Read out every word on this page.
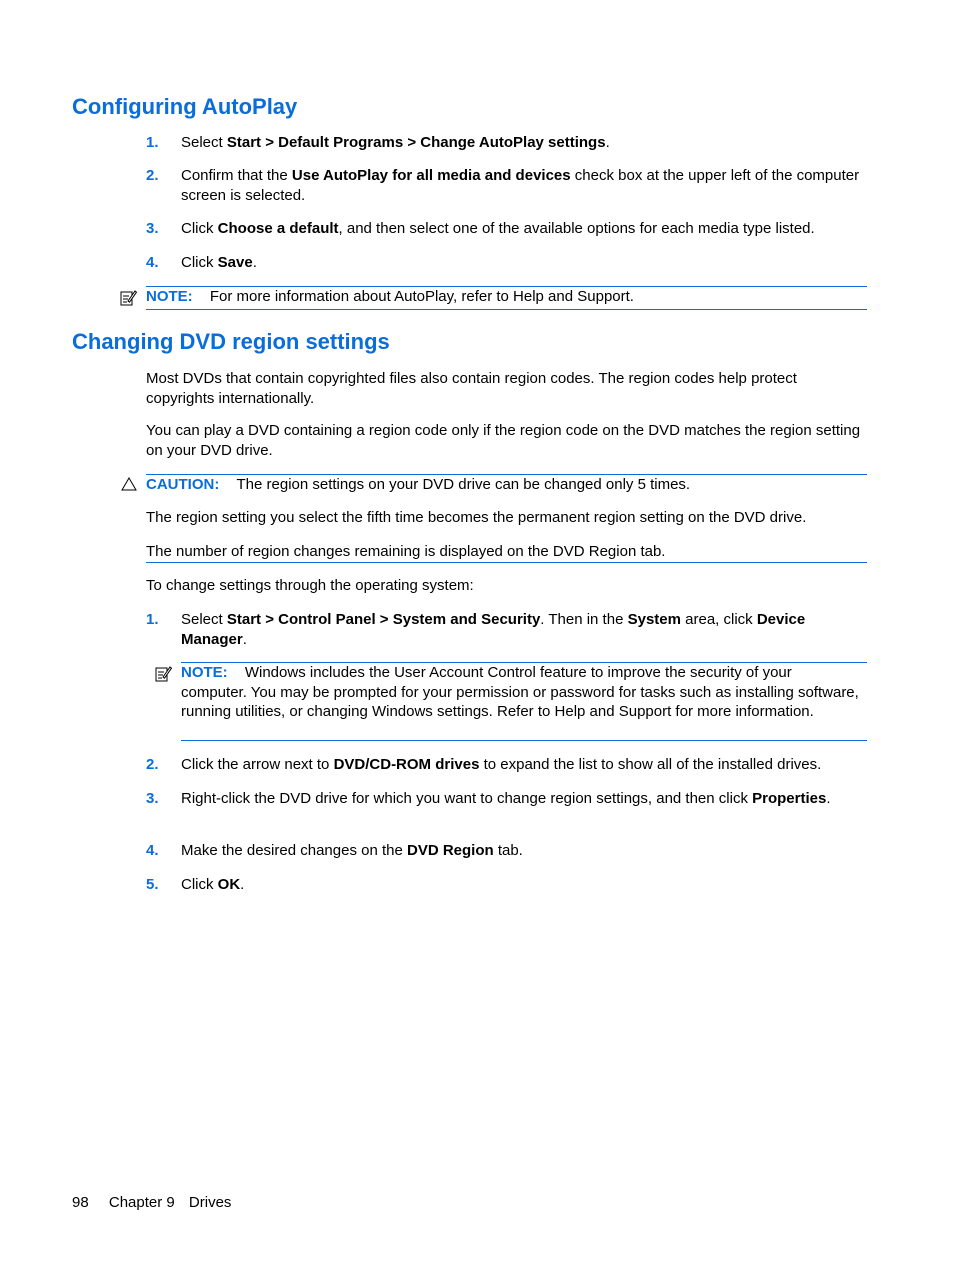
Configuring AutoPlay
1. Select Start > Default Programs > Change AutoPlay settings.
2. Confirm that the Use AutoPlay for all media and devices check box at the upper left of the computer screen is selected.
3. Click Choose a default, and then select one of the available options for each media type listed.
4. Click Save.
NOTE: For more information about AutoPlay, refer to Help and Support.
Changing DVD region settings
Most DVDs that contain copyrighted files also contain region codes. The region codes help protect copyrights internationally.
You can play a DVD containing a region code only if the region code on the DVD matches the region setting on your DVD drive.
CAUTION: The region settings on your DVD drive can be changed only 5 times.
The region setting you select the fifth time becomes the permanent region setting on the DVD drive.
The number of region changes remaining is displayed on the DVD Region tab.
To change settings through the operating system:
1. Select Start > Control Panel > System and Security. Then in the System area, click Device Manager.
NOTE: Windows includes the User Account Control feature to improve the security of your computer. You may be prompted for your permission or password for tasks such as installing software, running utilities, or changing Windows settings. Refer to Help and Support for more information.
2. Click the arrow next to DVD/CD-ROM drives to expand the list to show all of the installed drives.
3. Right-click the DVD drive for which you want to change region settings, and then click Properties.
4. Make the desired changes on the DVD Region tab.
5. Click OK.
98 Chapter 9 Drives
